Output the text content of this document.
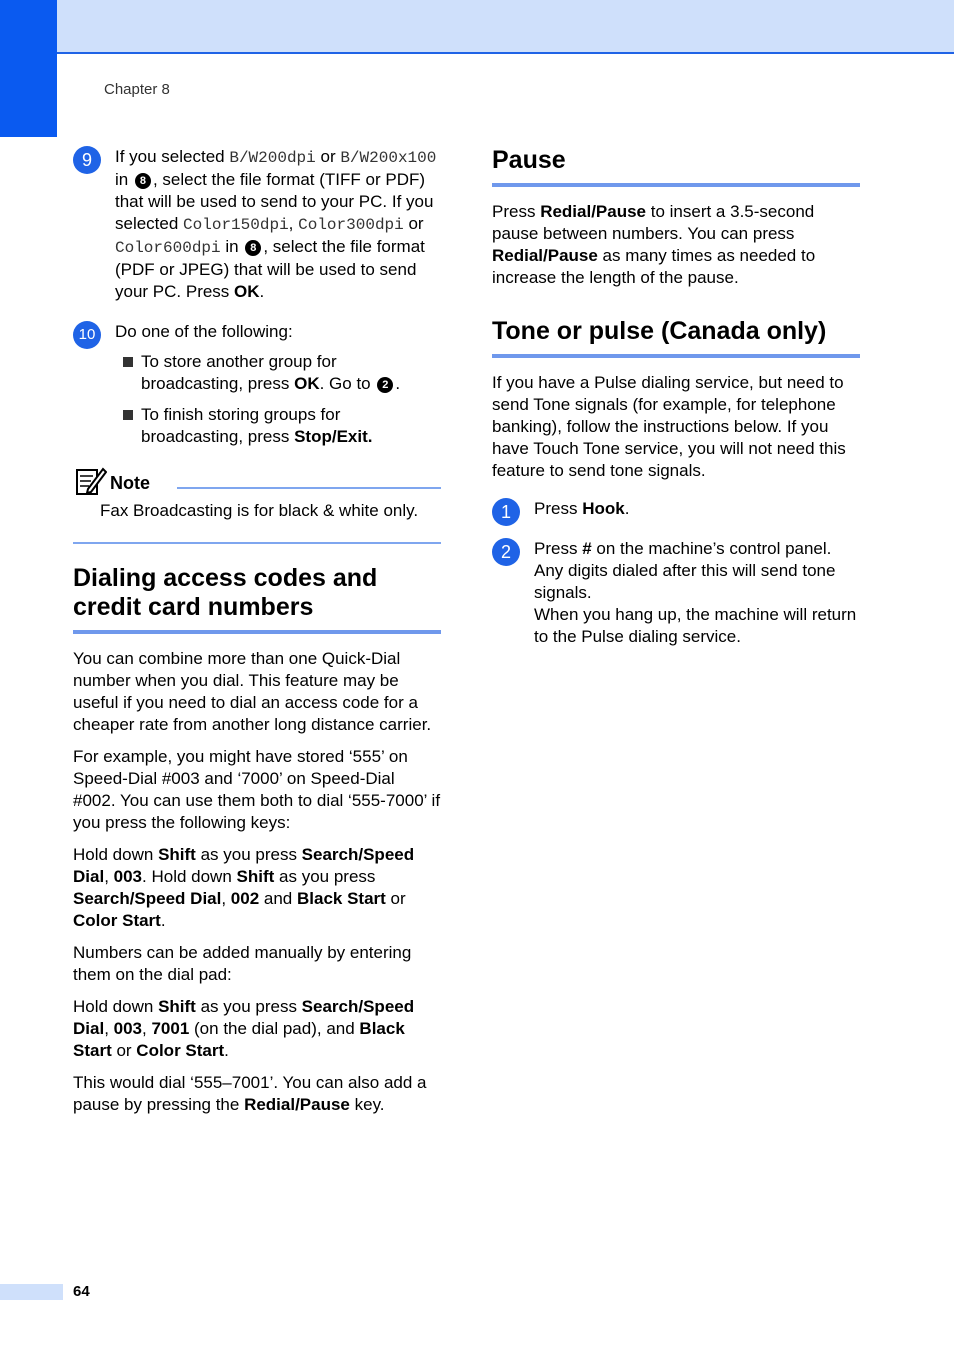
Chapter 8
9	If you selected B/W200dpi or B/W200x100 in 8 , select the file format (TIFF or PDF) that will be used to send to your PC. If you selected Color150dpi, Color300dpi or Color600dpi in 8 , select the file format (PDF or JPEG) that will be used to send your PC. Press OK.
10	Do one of the following:
To store another group for broadcasting, press OK. Go to 2 .
To finish storing groups for broadcasting, press Stop/Exit.
Note

Fax Broadcasting is for black & white only.

Dialing access codes and credit card numbers

You can combine more than one Quick-Dial number when you dial. This feature may be useful if you need to dial an access code for a cheaper rate from another long distance carrier.

For example, you might have stored ‘555’ on Speed-Dial #003 and ‘7000’ on Speed-Dial #002. You can use them both to dial ‘555-7000’ if you press the following keys:

Hold down Shift as you press Search/Speed Dial, 003. Hold down Shift as you press Search/Speed Dial, 002 and Black Start or Color Start.

Numbers can be added manually by entering them on the dial pad:

Hold down Shift as you press Search/Speed Dial, 003, 7001 (on the dial pad), and Black Start or Color Start.

This would dial ‘555–7001’. You can also add a pause by pressing the Redial/Pause key.

Pause

Press Redial/Pause to insert a 3.5-second pause between numbers. You can press Redial/Pause as many times as needed to increase the length of the pause.

Tone or pulse (Canada only)

If you have a Pulse dialing service, but need to send Tone signals (for example, for telephone banking), follow the instructions below. If you have Touch Tone service, you will not need this feature to send tone signals.

1	Press Hook.
2	Press # on the machine’s control panel. Any digits dialed after this will send tone signals.
When you hang up, the machine will return to the Pulse dialing service.
64
